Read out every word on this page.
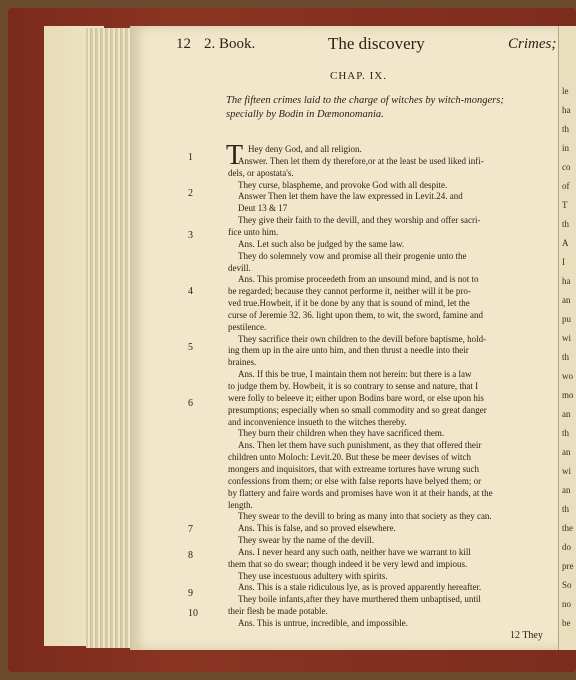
12 2. Book.	The discovery	Crimes;
CHAP. IX.
The fifteen crimes laid to the charge of witches by witch-mongers;
specially by Bodin in Dæmonomania.
T Hey deny God, and all religion.
Answer. Then let them dy therefore,or at the least be used liked infi-
dels, or apostata's.
They curse, blaspheme, and provoke God with all despite.
Answer Then let them have the law expressed in Levit.24. and
Deut 13 & 17
They give their faith to the devill, and they worship and offer sacri-
fice unto him.
Ans. Let such also be judged by the same law.
They do solemnely vow and promise all their progenie unto the
devill.
Ans. This promise proceedeth from an unsound mind, and is not to
be regarded; because they cannot performe it, neither will it be pro-
ved true.Howbeit, if it be done by any that is sound of mind, let the
curse of Jeremie 32. 36. light upon them, to wit, the sword, famine and
pestilence.
They sacrifice their own children to the devill before baptisme, hold-
ing them up in the aire unto him, and then thrust a needle into their
braines.
Ans. If this be true, I maintain them not herein: but there is a law
to judge them by. Howbeit, it is so contrary to sense and nature, that I
were folly to beleeve it; either upon Bodins bare word, or else upon his
presumptions; especially when so small commodity and so great danger
and inconvenience insueth to the witches thereby.
They burn their children when they have sacrificed them.
Ans. Then let them have such punishment, as they that offered their
children unto Moloch: Levit.20. But these be meer devises of witch
mongers and inquisitors, that with extreame tortures have wrung such
confessions from them; or else with false reports have belyed them; or
by flattery and faire words and promises have won it at their hands, at the
length.
They swear to the devill to bring as many into that society as they can.
Ans. This is false, and so proved elsewhere.
They swear by the name of the devill.
Ans. I never heard any such oath, neither have we warrant to kill
them that so do swear; though indeed it be very lewd and impious.
They use incestuous adultery with spirits.
Ans. This is a stale ridiculous lye, as is proved apparently hereafter.
They boile infants,after they have murthered them unbaptised, until
their flesh be made potable.
Ans. This is untrue, incredible, and impossible.
1
2
3
4
5
6
7
8
9
10
12 They
le
ha
th
in
co
of
T
th
A
I
ha
an
pu
wi
th
wo
mo
an
th
an
wi
an
th
the
do
pre
So
no
be
